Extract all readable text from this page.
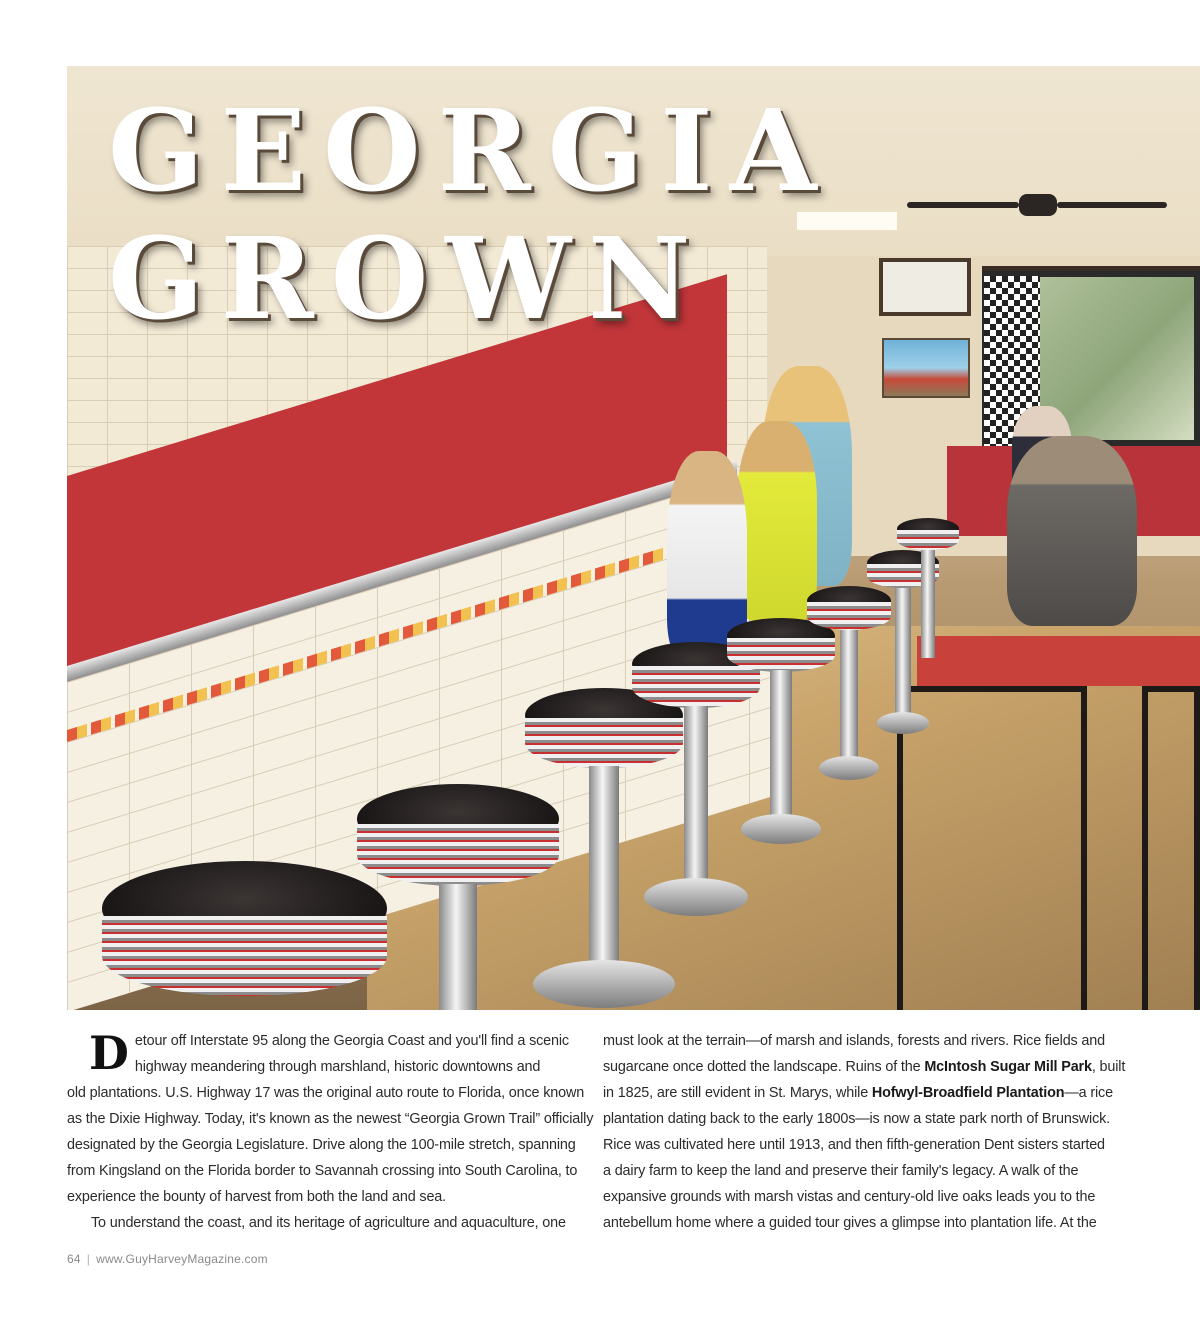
GEORGIA
GROWN

D etour off Interstate 95 along the Georgia Coast and you'll find a scenic
highway meandering through marshland, historic downtowns and
old plantations. U.S. Highway 17 was the original auto route to Florida, once known
as the Dixie Highway. Today, it's known as the newest “Georgia Grown Trail” officially
designated by the Georgia Legislature. Drive along the 100-mile stretch, spanning
from Kingsland on the Florida border to Savannah crossing into South Carolina, to
experience the bounty of harvest from both the land and sea.

To understand the coast, and its heritage of agriculture and aquaculture, one

must look at the terrain—of marsh and islands, forests and rivers. Rice fields and
sugarcane once dotted the landscape. Ruins of the McIntosh Sugar Mill Park, built
in 1825, are still evident in St. Marys, while Hofwyl-Broadfield Plantation—a rice
plantation dating back to the early 1800s—is now a state park north of Brunswick.
Rice was cultivated here until 1913, and then fifth-generation Dent sisters started
a dairy farm to keep the land and preserve their family's legacy. A walk of the
expansive grounds with marsh vistas and century-old live oaks leads you to the
antebellum home where a guided tour gives a glimpse into plantation life. At the

64 | www.GuyHarveyMagazine.com
